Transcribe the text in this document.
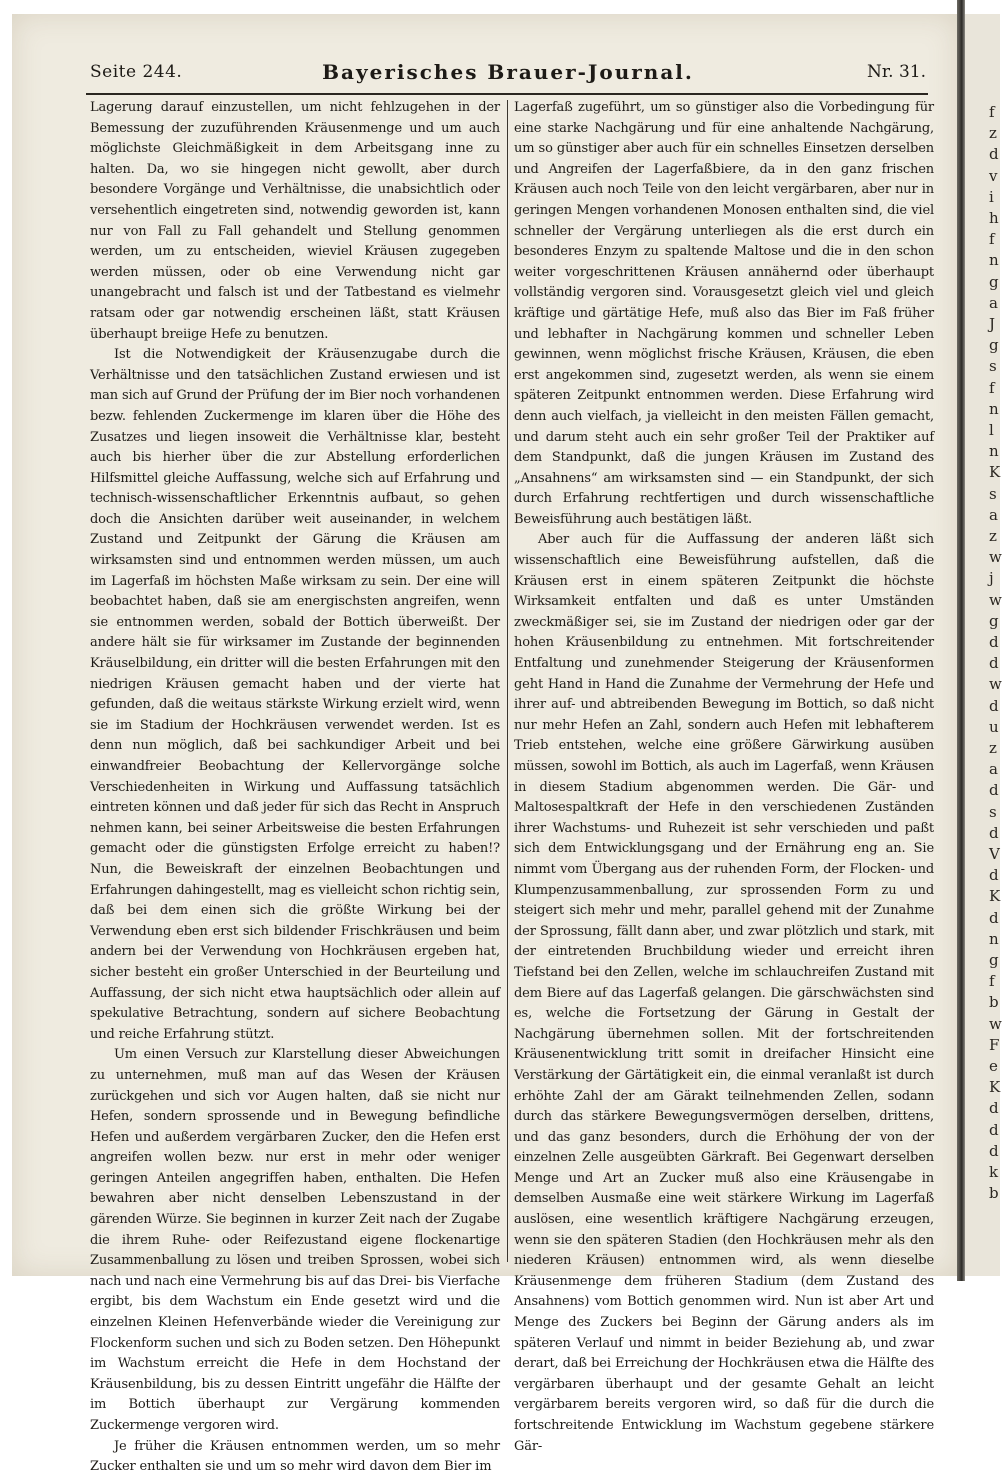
f
z
d
v
i
h
f
n
g
a
J
g
s
f
n
l
n
K
s
a
z
w
j
w
g
d
d
w
d
u
z
a
d
s
d
V
d
K
d
n
g
f
b
w
F
e
K
d
d
d
k
b
Seite 244.	Bayerisches Brauer-Journal.	Nr. 31.

Lagerung darauf einzustellen, um nicht fehlzugehen in der Bemessung der zuzuführenden Kräusenmenge und um auch möglichste Gleichmäßigkeit in dem Arbeitsgang inne zu halten. Da, wo sie hingegen nicht gewollt, aber durch besondere Vorgänge und Verhältnisse, die unabsichtlich oder versehentlich eingetreten sind, notwendig geworden ist, kann nur von Fall zu Fall gehandelt und Stellung genommen werden, um zu entscheiden, wieviel Kräusen zugegeben werden müssen, oder ob eine Verwendung nicht gar unangebracht und falsch ist und der Tatbestand es vielmehr ratsam oder gar notwendig erscheinen läßt, statt Kräusen überhaupt breiige Hefe zu benutzen.

Ist die Notwendigkeit der Kräusenzugabe durch die Verhältnisse und den tatsächlichen Zustand erwiesen und ist man sich auf Grund der Prüfung der im Bier noch vorhandenen bezw. fehlenden Zuckermenge im klaren über die Höhe des Zusatzes und liegen insoweit die Verhältnisse klar, besteht auch bis hierher über die zur Abstellung erforderlichen Hilfsmittel gleiche Auffassung, welche sich auf Erfahrung und technisch-wissenschaftlicher Erkenntnis aufbaut, so gehen doch die Ansichten darüber weit auseinander, in welchem Zustand und Zeitpunkt der Gärung die Kräusen am wirksamsten sind und entnommen werden müssen, um auch im Lagerfaß im höchsten Maße wirksam zu sein. Der eine will beobachtet haben, daß sie am energischsten angreifen, wenn sie entnommen werden, sobald der Bottich überweißt. Der andere hält sie für wirksamer im Zustande der beginnenden Kräuselbildung, ein dritter will die besten Erfahrungen mit den niedrigen Kräusen gemacht haben und der vierte hat gefunden, daß die weitaus stärkste Wirkung erzielt wird, wenn sie im Stadium der Hochkräusen verwendet werden. Ist es denn nun möglich, daß bei sachkundiger Arbeit und bei einwandfreier Beobachtung der Kellervorgänge solche Verschiedenheiten in Wirkung und Auffassung tatsächlich eintreten können und daß jeder für sich das Recht in Anspruch nehmen kann, bei seiner Arbeitsweise die besten Erfahrungen gemacht oder die günstigsten Erfolge erreicht zu haben!? Nun, die Beweiskraft der einzelnen Beobachtungen und Erfahrungen dahingestellt, mag es vielleicht schon richtig sein, daß bei dem einen sich die größte Wirkung bei der Verwendung eben erst sich bildender Frischkräusen und beim andern bei der Verwendung von Hochkräusen ergeben hat, sicher besteht ein großer Unterschied in der Beurteilung und Auffassung, der sich nicht etwa hauptsächlich oder allein auf spekulative Betrachtung, sondern auf sichere Beobachtung und reiche Erfahrung stützt.

Um einen Versuch zur Klarstellung dieser Abweichungen zu unternehmen, muß man auf das Wesen der Kräusen zurückgehen und sich vor Augen halten, daß sie nicht nur Hefen, sondern sprossende und in Bewegung befindliche Hefen und außerdem vergärbaren Zucker, den die Hefen erst angreifen wollen bezw. nur erst in mehr oder weniger geringen Anteilen angegriffen haben, enthalten. Die Hefen bewahren aber nicht denselben Lebenszustand in der gärenden Würze. Sie beginnen in kurzer Zeit nach der Zugabe die ihrem Ruhe- oder Reifezustand eigene flockenartige Zusammenballung zu lösen und treiben Sprossen, wobei sich nach und nach eine Vermehrung bis auf das Drei- bis Vierfache ergibt, bis dem Wachstum ein Ende gesetzt wird und die einzelnen Kleinen Hefenverbände wieder die Vereinigung zur Flockenform suchen und sich zu Boden setzen. Den Höhepunkt im Wachstum erreicht die Hefe in dem Hochstand der Kräusenbildung, bis zu dessen Eintritt ungefähr die Hälfte der im Bottich überhaupt zur Vergärung kommenden Zuckermenge vergoren wird.

Je früher die Kräusen entnommen werden, um so mehr Zucker enthalten sie und um so mehr wird davon dem Bier im

Lagerfaß zugeführt, um so günstiger also die Vorbedingung für eine starke Nachgärung und für eine anhaltende Nachgärung, um so günstiger aber auch für ein schnelles Einsetzen derselben und Angreifen der Lagerfaßbiere, da in den ganz frischen Kräusen auch noch Teile von den leicht vergärbaren, aber nur in geringen Mengen vorhandenen Monosen enthalten sind, die viel schneller der Vergärung unterliegen als die erst durch ein besonderes Enzym zu spaltende Maltose und die in den schon weiter vorgeschrittenen Kräusen annähernd oder überhaupt vollständig vergoren sind. Vorausgesetzt gleich viel und gleich kräftige und gärtätige Hefe, muß also das Bier im Faß früher und lebhafter in Nachgärung kommen und schneller Leben gewinnen, wenn möglichst frische Kräusen, Kräusen, die eben erst angekommen sind, zugesetzt werden, als wenn sie einem späteren Zeitpunkt entnommen werden. Diese Erfahrung wird denn auch vielfach, ja vielleicht in den meisten Fällen gemacht, und darum steht auch ein sehr großer Teil der Praktiker auf dem Standpunkt, daß die jungen Kräusen im Zustand des „Ansahnens“ am wirksamsten sind — ein Standpunkt, der sich durch Erfahrung rechtfertigen und durch wissenschaftliche Beweisführung auch bestätigen läßt.

Aber auch für die Auffassung der anderen läßt sich wissenschaftlich eine Beweisführung aufstellen, daß die Kräusen erst in einem späteren Zeitpunkt die höchste Wirksamkeit entfalten und daß es unter Umständen zweckmäßiger sei, sie im Zustand der niedrigen oder gar der hohen Kräusenbildung zu entnehmen. Mit fortschreitender Entfaltung und zunehmender Steigerung der Kräusenformen geht Hand in Hand die Zunahme der Vermehrung der Hefe und ihrer auf- und abtreibenden Bewegung im Bottich, so daß nicht nur mehr Hefen an Zahl, sondern auch Hefen mit lebhafterem Trieb entstehen, welche eine größere Gärwirkung ausüben müssen, sowohl im Bottich, als auch im Lagerfaß, wenn Kräusen in diesem Stadium abgenommen werden. Die Gär- und Maltosespaltkraft der Hefe in den verschiedenen Zuständen ihrer Wachstums- und Ruhezeit ist sehr verschieden und paßt sich dem Entwicklungsgang und der Ernährung eng an. Sie nimmt vom Übergang aus der ruhenden Form, der Flocken- und Klumpenzusammenballung, zur sprossenden Form zu und steigert sich mehr und mehr, parallel gehend mit der Zunahme der Sprossung, fällt dann aber, und zwar plötzlich und stark, mit der eintretenden Bruchbildung wieder und erreicht ihren Tiefstand bei den Zellen, welche im schlauchreifen Zustand mit dem Biere auf das Lagerfaß gelangen. Die gärschwächsten sind es, welche die Fortsetzung der Gärung in Gestalt der Nachgärung übernehmen sollen. Mit der fortschreitenden Kräusenentwicklung tritt somit in dreifacher Hinsicht eine Verstärkung der Gärtätigkeit ein, die einmal veranlaßt ist durch erhöhte Zahl der am Gärakt teilnehmenden Zellen, sodann durch das stärkere Bewegungsvermögen derselben, drittens, und das ganz besonders, durch die Erhöhung der von der einzelnen Zelle ausgeübten Gärkraft. Bei Gegenwart derselben Menge und Art an Zucker muß also eine Kräusengabe in demselben Ausmaße eine weit stärkere Wirkung im Lagerfaß auslösen, eine wesentlich kräftigere Nachgärung erzeugen, wenn sie den späteren Stadien (den Hochkräusen mehr als den niederen Kräusen) entnommen wird, als wenn dieselbe Kräusenmenge dem früheren Stadium (dem Zustand des Ansahnens) vom Bottich genommen wird. Nun ist aber Art und Menge des Zuckers bei Beginn der Gärung anders als im späteren Verlauf und nimmt in beider Beziehung ab, und zwar derart, daß bei Erreichung der Hochkräusen etwa die Hälfte des vergärbaren überhaupt und der gesamte Gehalt an leicht vergärbarem bereits vergoren wird, so daß für die durch die fortschreitende Entwicklung im Wachstum gegebene stärkere Gär-
